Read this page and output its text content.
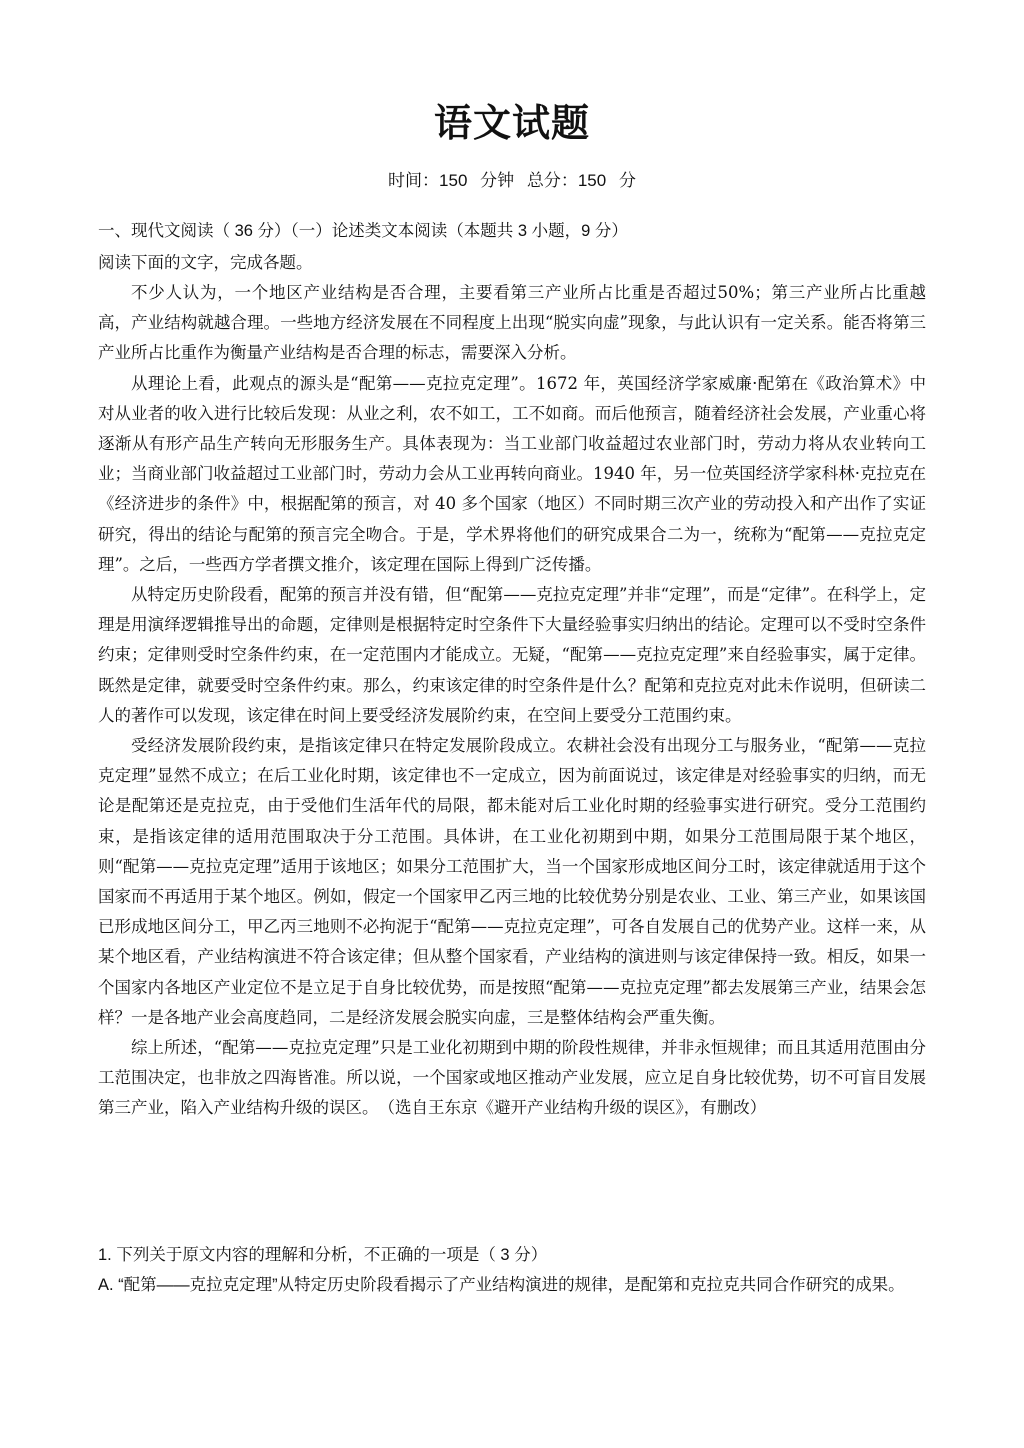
语文试题
时间：150 分钟 总分：150 分
一、现代文阅读（ 36 分）（一）论述类文本阅读（本题共 3 小题，9 分）
阅读下面的文字，完成各题。

不少人认为，一个地区产业结构是否合理，主要看第三产业所占比重是否超过50%；第三产业所占比重越高，产业结构就越合理。一些地方经济发展在不同程度上出现“脱实向虚”现象，与此认识有一定关系。能否将第三产业所占比重作为衡量产业结构是否合理的标志，需要深入分析。

从理论上看，此观点的源头是“配第——克拉克定理”。1672 年，英国经济学家威廉·配第在《政治算术》中对从业者的收入进行比较后发现：从业之利，农不如工，工不如商。而后他预言，随着经济社会发展，产业重心将逐渐从有形产品生产转向无形服务生产。具体表现为：当工业部门收益超过农业部门时，劳动力将从农业转向工业；当商业部门收益超过工业部门时，劳动力会从工业再转向商业。1940 年，另一位英国经济学家科林·克拉克在《经济进步的条件》中，根据配第的预言，对 40 多个国家（地区）不同时期三次产业的劳动投入和产出作了实证研究，得出的结论与配第的预言完全吻合。于是，学术界将他们的研究成果合二为一，统称为“配第——克拉克定理”。之后，一些西方学者撰文推介，该定理在国际上得到广泛传播。

从特定历史阶段看，配第的预言并没有错，但“配第——克拉克定理”并非“定理”，而是“定律”。在科学上，定理是用演绎逻辑推导出的命题，定律则是根据特定时空条件下大量经验事实归纳出的结论。定理可以不受时空条件约束；定律则受时空条件约束，在一定范围内才能成立。无疑，“配第——克拉克定理”来自经验事实，属于定律。既然是定律，就要受时空条件约束。那么，约束该定律的时空条件是什么？配第和克拉克对此未作说明，但研读二人的著作可以发现，该定律在时间上要受经济发展阶约束，在空间上要受分工范围约束。

受经济发展阶段约束，是指该定律只在特定发展阶段成立。农耕社会没有出现分工与服务业，“配第——克拉克定理”显然不成立；在后工业化时期，该定律也不一定成立，因为前面说过，该定律是对经验事实的归纳，而无论是配第还是克拉克，由于受他们生活年代的局限，都未能对后工业化时期的经验事实进行研究。受分工范围约束，是指该定律的适用范围取决于分工范围。具体讲，在工业化初期到中期，如果分工范围局限于某个地区，则“配第——克拉克定理”适用于该地区；如果分工范围扩大，当一个国家形成地区间分工时，该定律就适用于这个国家而不再适用于某个地区。例如，假定一个国家甲乙丙三地的比较优势分别是农业、工业、第三产业，如果该国已形成地区间分工，甲乙丙三地则不必拘泥于“配第——克拉克定理”，可各自发展自己的优势产业。这样一来，从某个地区看，产业结构演进不符合该定律；但从整个国家看，产业结构的演进则与该定律保持一致。相反，如果一个国家内各地区产业定位不是立足于自身比较优势，而是按照“配第——克拉克定理”都去发展第三产业，结果会怎样？一是各地产业会高度趋同，二是经济发展会脱实向虚，三是整体结构会严重失衡。

综上所述，“配第——克拉克定理”只是工业化初期到中期的阶段性规律，并非永恒规律；而且其适用范围由分工范围决定，也非放之四海皆准。所以说，一个国家或地区推动产业发展，应立足自身比较优势，切不可盲目发展第三产业，陷入产业结构升级的误区。　（选自王东京《避开产业结构升级的误区》，有删改）

1. 下列关于原文内容的理解和分析，不正确的一项是（ 3 分）
A. “配第——克拉克定理”从特定历史阶段看揭示了产业结构演进的规律，是配第和克拉克共同合作研究的成果。
